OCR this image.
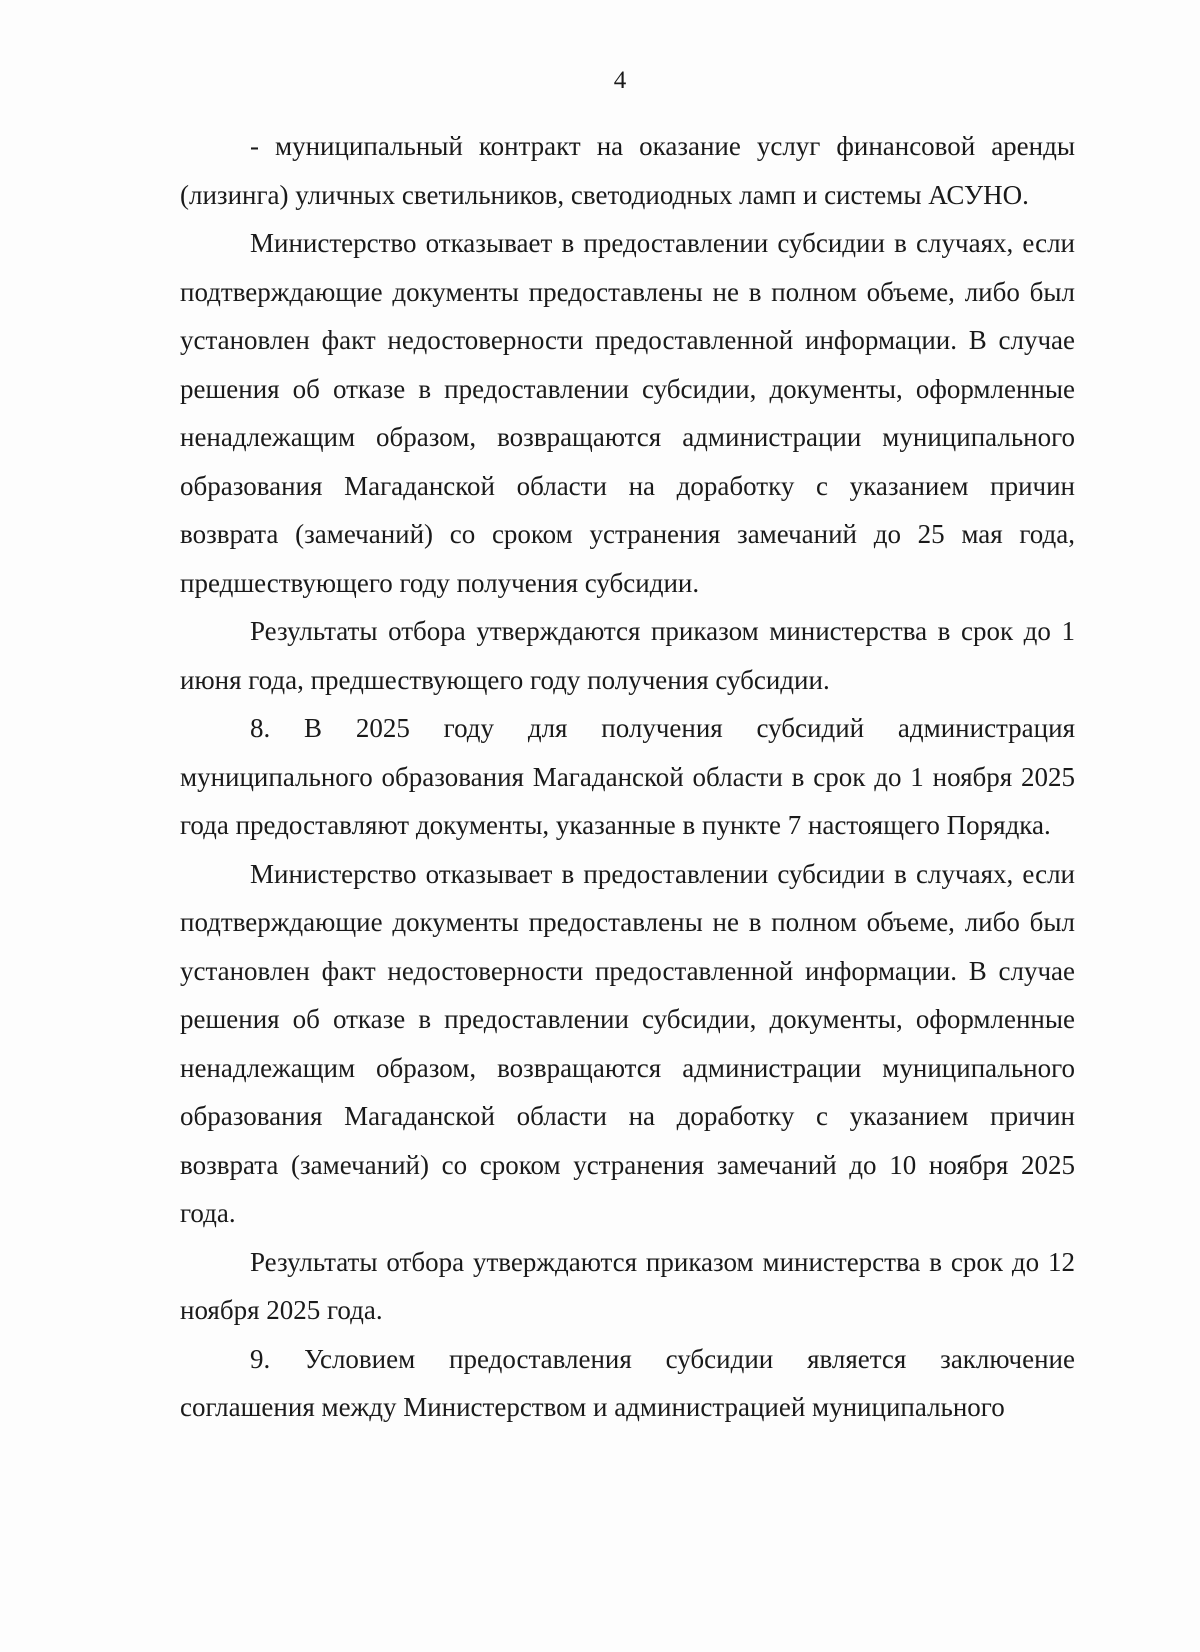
4

- муниципальный контракт на оказание услуг финансовой аренды (лизинга) уличных светильников, светодиодных ламп и системы АСУНО.

Министерство отказывает в предоставлении субсидии в случаях, если подтверждающие документы предоставлены не в полном объеме, либо был установлен факт недостоверности предоставленной информации. В случае решения об отказе в предоставлении субсидии, документы, оформленные ненадлежащим образом, возвращаются администрации муниципального образования Магаданской области на доработку с указанием причин возврата (замечаний) со сроком устранения замечаний до 25 мая года, предшествующего году получения субсидии.

Результаты отбора утверждаются приказом министерства в срок до 1 июня года, предшествующего году получения субсидии.

8. В 2025 году для получения субсидий администрация муниципального образования Магаданской области в срок до 1 ноября 2025 года предоставляют документы, указанные в пункте 7 настоящего Порядка.

Министерство отказывает в предоставлении субсидии в случаях, если подтверждающие документы предоставлены не в полном объеме, либо был установлен факт недостоверности предоставленной информации. В случае решения об отказе в предоставлении субсидии, документы, оформленные ненадлежащим образом, возвращаются администрации муниципального образования Магаданской области на доработку с указанием причин возврата (замечаний) со сроком устранения замечаний до 10 ноября 2025 года.

Результаты отбора утверждаются приказом министерства в срок до 12 ноября 2025 года.

9. Условием предоставления субсидии является заключение соглашения между Министерством и администрацией муниципального
